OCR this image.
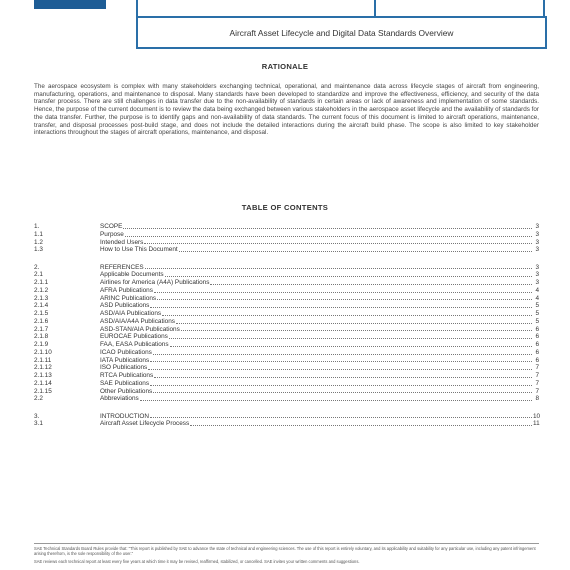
Aircraft Asset Lifecycle and Digital Data Standards Overview
RATIONALE
The aerospace ecosystem is complex with many stakeholders exchanging technical, operational, and maintenance data across lifecycle stages of aircraft from engineering, manufacturing, operations, and maintenance to disposal. Many standards have been developed to standardize and improve the effectiveness, efficiency, and security of the data transfer process. There are still challenges in data transfer due to the non-availability of standards in certain areas or lack of awareness and implementation of some standards. Hence, the purpose of the current document is to review the data being exchanged between various stakeholders in the aerospace asset lifecycle and the availability of standards for the data transfer. Further, the purpose is to identify gaps and non-availability of data standards. The current focus of this document is limited to aircraft operations, maintenance, transfer, and disposal processes post-build stage, and does not include the detailed interactions during the aircraft build phase. The scope is also limited to key stakeholder interactions throughout the stages of aircraft operations, maintenance, and disposal.
TABLE OF CONTENTS
1.	SCOPE	3
1.1	Purpose	3
1.2	Intended Users	3
1.3	How to Use This Document	3
2.	REFERENCES	3
2.1	Applicable Documents	3
2.1.1	Airlines for America (A4A) Publications	3
2.1.2	AFRA Publications	4
2.1.3	ARINC Publications	4
2.1.4	ASD Publications	5
2.1.5	ASD/AIA Publications	5
2.1.6	ASD/AIA/A4A Publications	5
2.1.7	ASD-STAN/AIA Publications	6
2.1.8	EUROCAE Publications	6
2.1.9	FAA, EASA Publications	6
2.1.10	ICAO Publications	6
2.1.11	IATA Publications	6
2.1.12	ISO Publications	7
2.1.13	RTCA Publications	7
2.1.14	SAE Publications	7
2.1.15	Other Publications	7
2.2	Abbreviations	8
3.	INTRODUCTION	10
3.1	Aircraft Asset Lifecycle Process	11
SAE Technical Standards Board Rules provide that: "This report is published by SAE to advance the state of technical and engineering sciences. The use of this report is entirely voluntary, and its applicability and suitability for any particular use, including any patent infringement arising therefrom, is the sole responsibility of the user."
SAE reviews each technical report at least every five years at which time it may be revised, reaffirmed, stabilized, or cancelled. SAE invites your written comments and suggestions.
